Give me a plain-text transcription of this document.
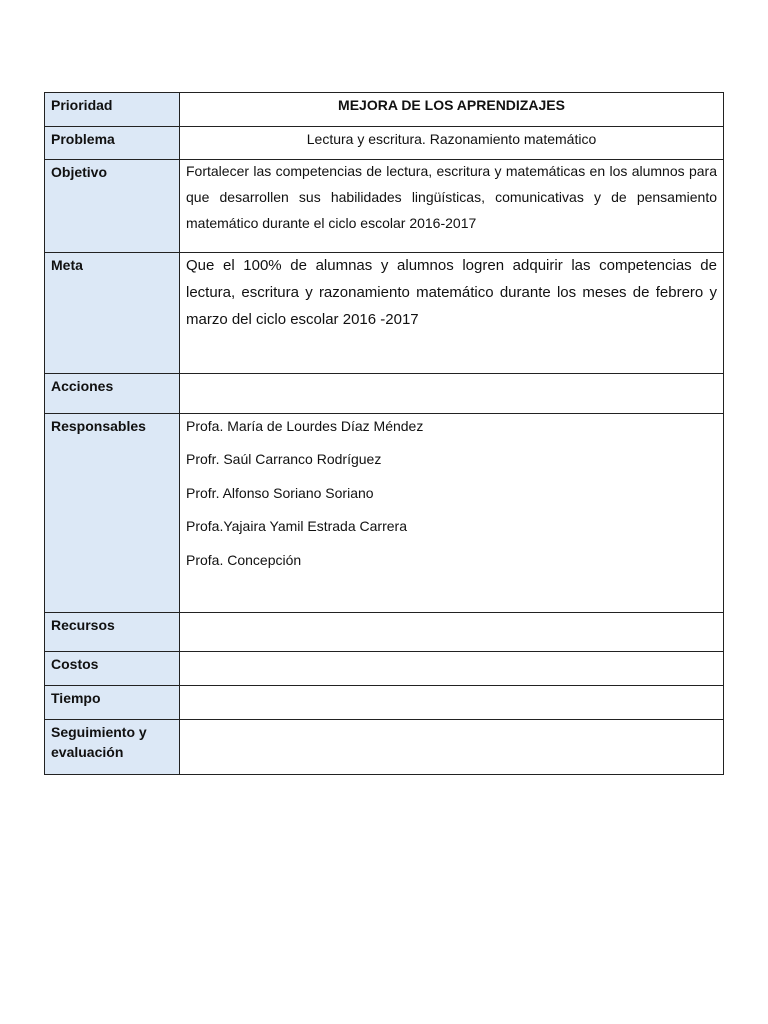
Prioridad	MEJORA DE LOS APRENDIZAJES

Problema	Lectura y escritura. Razonamiento matemático

Objetivo	Fortalecer las competencias de lectura, escritura y matemáticas en los alumnos para que desarrollen sus habilidades lingüísticas, comunicativas y de pensamiento matemático durante el ciclo escolar 2016-2017

Meta	Que el 100% de alumnas y alumnos logren adquirir las competencias de lectura, escritura y razonamiento matemático durante los meses de febrero y marzo del ciclo escolar 2016 -2017

Acciones	
Responsables	Profa. María de Lourdes Díaz Méndez
Profr. Saúl Carranco Rodríguez
Profr. Alfonso Soriano Soriano
Profa.Yajaira Yamil Estrada Carrera
Profa. Concepción

Recursos	
Costos	
Tiempo	
Seguimiento y evaluación	
